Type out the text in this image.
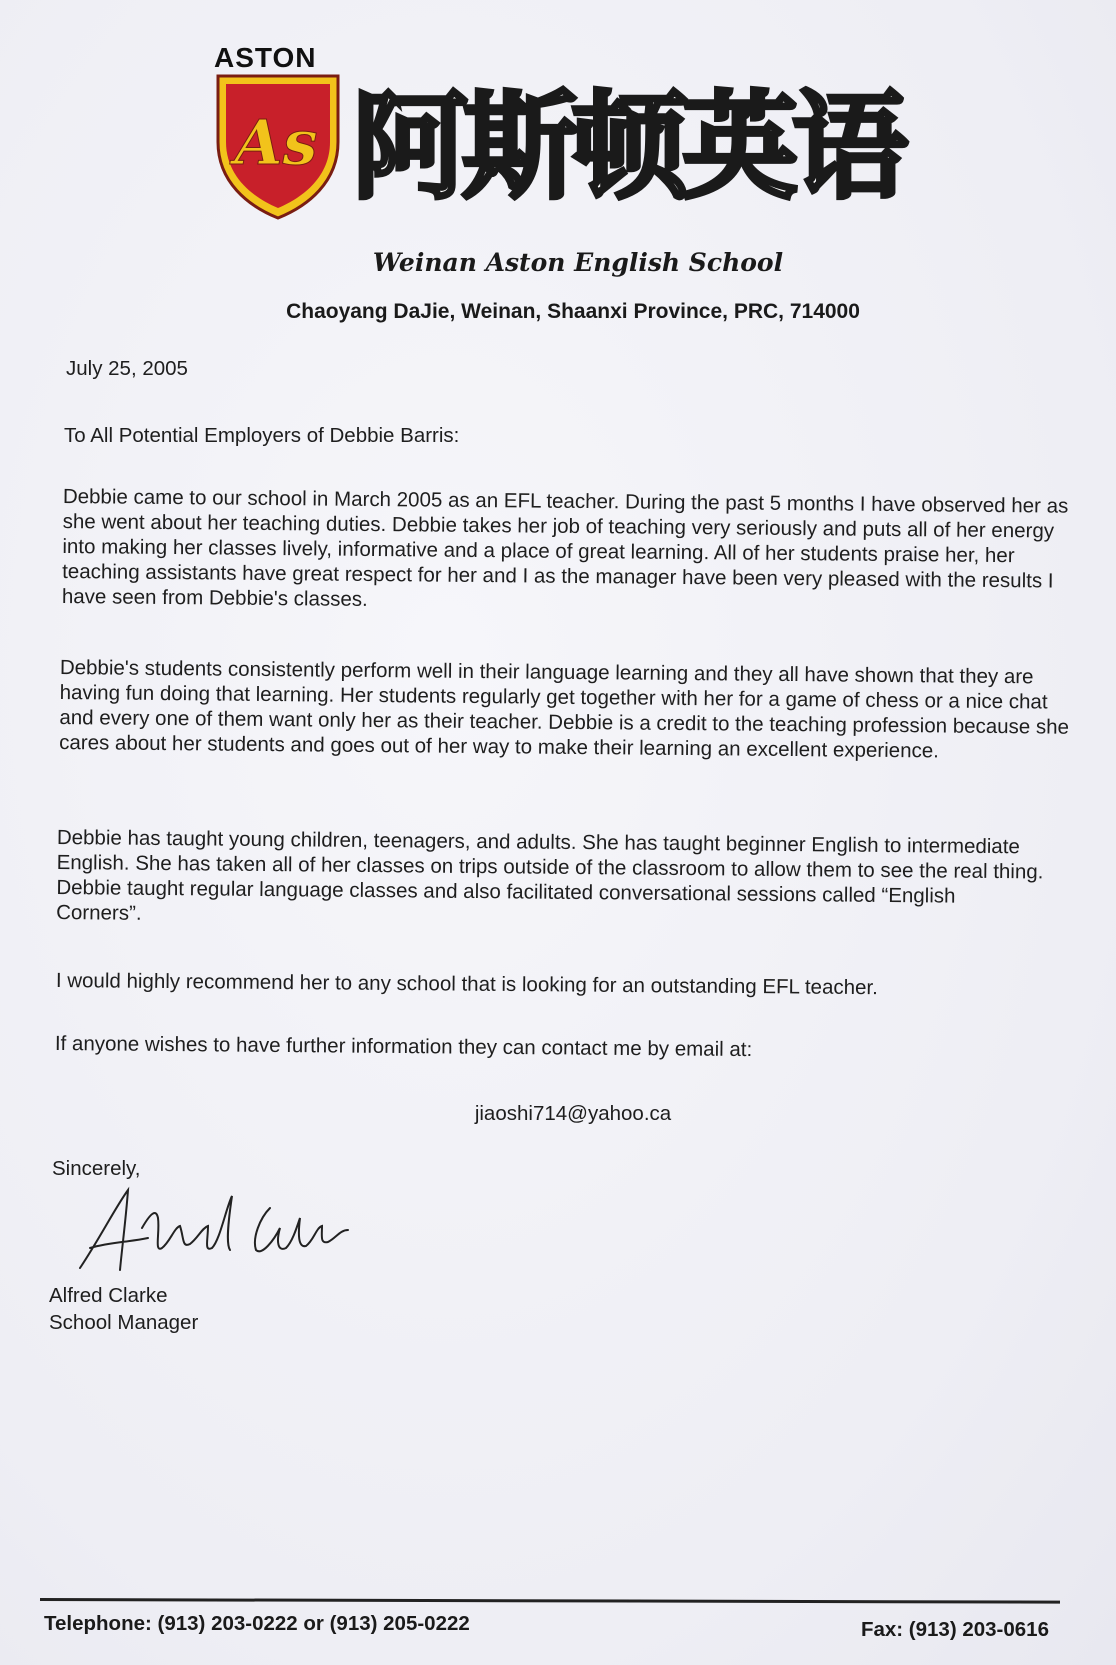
ASTON
As 阿斯顿英语
Weinan Aston English School
Chaoyang DaJie, Weinan, Shaanxi Province, PRC, 714000
July 25, 2005
To All Potential Employers of Debbie Barris:
Debbie came to our school in March 2005 as an EFL teacher. During the past 5 months I have observed her as she went about her teaching duties. Debbie takes her job of teaching very seriously and puts all of her energy into making her classes lively, informative and a place of great learning. All of her students praise her, her teaching assistants have great respect for her and I as the manager have been very pleased with the results I have seen from Debbie's classes.
Debbie's students consistently perform well in their language learning and they all have shown that they are having fun doing that learning. Her students regularly get together with her for a game of chess or a nice chat and every one of them want only her as their teacher. Debbie is a credit to the teaching profession because she cares about her students and goes out of her way to make their learning an excellent experience.
Debbie has taught young children, teenagers, and adults. She has taught beginner English to intermediate English. She has taken all of her classes on trips outside of the classroom to allow them to see the real thing. Debbie taught regular language classes and also facilitated conversational sessions called “English Corners”.
I would highly recommend her to any school that is looking for an outstanding EFL teacher.
If anyone wishes to have further information they can contact me by email at:
jiaoshi714@yahoo.ca
Sincerely,
Alfred Clarke
School Manager
Telephone: (913) 203-0222 or (913) 205-0222	Fax: (913) 203-0616
